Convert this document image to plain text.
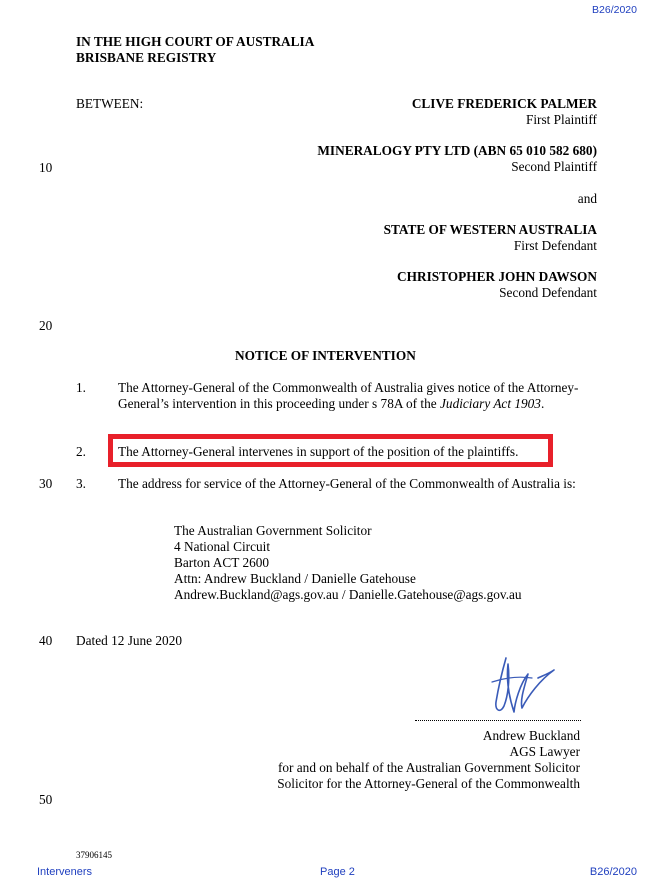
B26/2020
IN THE HIGH COURT OF AUSTRALIA
BRISBANE REGISTRY
BETWEEN:	CLIVE FREDERICK PALMER
First Plaintiff
MINERALOGY PTY LTD (ABN 65 010 582 680)
Second Plaintiff
and
STATE OF WESTERN AUSTRALIA
First Defendant
CHRISTOPHER JOHN DAWSON
Second Defendant
10
20
30
40
50
NOTICE OF INTERVENTION
1. The Attorney-General of the Commonwealth of Australia gives notice of the Attorney-General’s intervention in this proceeding under s 78A of the Judiciary Act 1903.
2. The Attorney-General intervenes in support of the position of the plaintiffs.
3. The address for service of the Attorney-General of the Commonwealth of Australia is:
The Australian Government Solicitor
4 National Circuit
Barton ACT 2600
Attn: Andrew Buckland / Danielle Gatehouse
Andrew.Buckland@ags.gov.au / Danielle.Gatehouse@ags.gov.au
Dated 12 June 2020
Andrew Buckland
AGS Lawyer
for and on behalf of the Australian Government Solicitor
Solicitor for the Attorney-General of the Commonwealth
37906145
Interveners	Page 2	B26/2020
